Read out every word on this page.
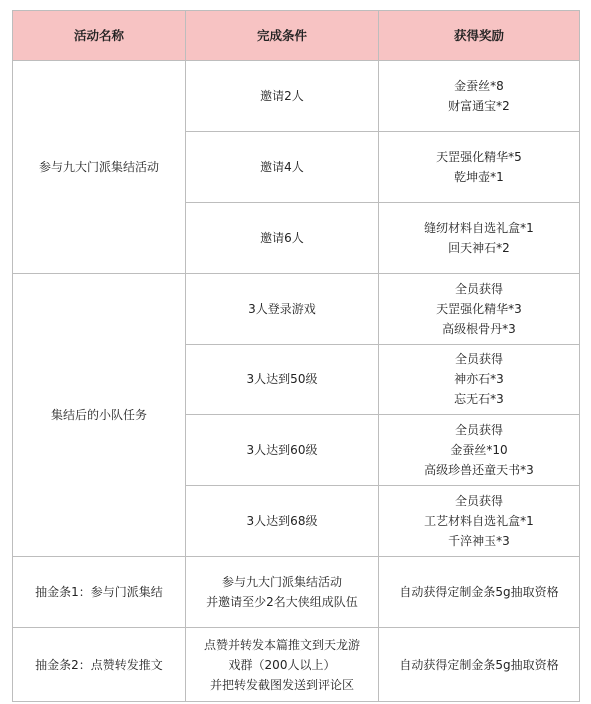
活动名称	完成条件	获得奖励
参与九大门派集结活动	邀请2人	金蚕丝*8
财富通宝*2

	邀请4人	天罡强化精华*5
乾坤壶*1

	邀请6人	缝纫材料自选礼盒*1
回天神石*2

集结后的小队任务	3人登录游戏	全员获得
天罡强化精华*3
高级根骨丹*3

	3人达到50级	全员获得
神亦石*3
忘无石*3

	3人达到60级	全员获得
金蚕丝*10
高级珍兽还童天书*3

	3人达到68级	全员获得
工艺材料自选礼盒*1
千淬神玉*3

抽金条1：参与门派集结	参与九大门派集结活动
并邀请至少2名大侠组成队伍	自动获得定制金条5g抽取资格

抽金条2：点赞转发推文	点赞并转发本篇推文到天龙游
戏群（200人以上）
并把转发截图发送到评论区	自动获得定制金条5g抽取资格
